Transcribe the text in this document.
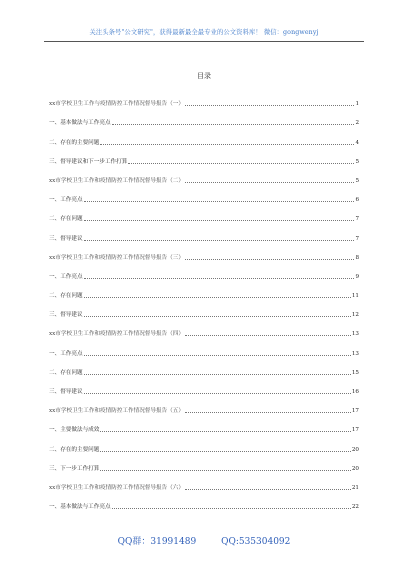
关注头条号"公文研究"，获得最新最全最专业的公文资料库！ 微信：gongwenyj
目录
xx市学校卫生工作与疫情防控工作情况督导报告（一）	1
一、基本做法与工作亮点	2
二、存在的主要问题	4
三、督导建议和下一步工作打算	5
xx市学校卫生工作和疫情防控工作情况督导报告（二）	5
一、工作亮点	6
二、存在问题	7
三、督导建议	7
xx市学校卫生工作和疫情防控工作情况督导报告（三）	8
一、工作亮点	9
二、存在问题	11
三、督导建议	12
xx市学校卫生工作和疫情防控工作情况督导报告（四）	13
一、工作亮点	13
二、存在问题	15
三、督导建议	16
xx市学校卫生工作和疫情防控工作情况督导报告（五）	17
一、主要做法与成效	17
二、存在的主要问题	20
三、下一步工作打算	20
xx市学校卫生工作和疫情防控工作情况督导报告（六）	21
一、基本做法与工作亮点	22
QQ群：31991489	QQ:535304092
